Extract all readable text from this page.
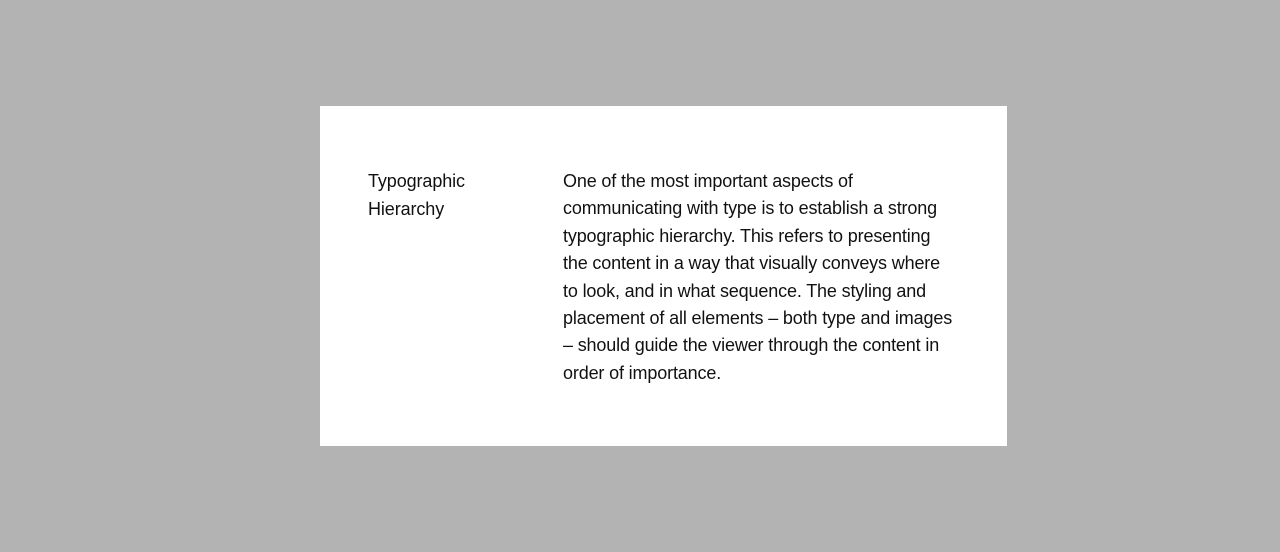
Typographic
Hierarchy

One of the most important aspects of
communicating with type is to establish a strong
typographic hierarchy. This refers to presenting
the content in a way that visually conveys where
to look, and in what sequence. The styling and
placement of all elements – both type and images
– should guide the viewer through the content in
order of importance.
